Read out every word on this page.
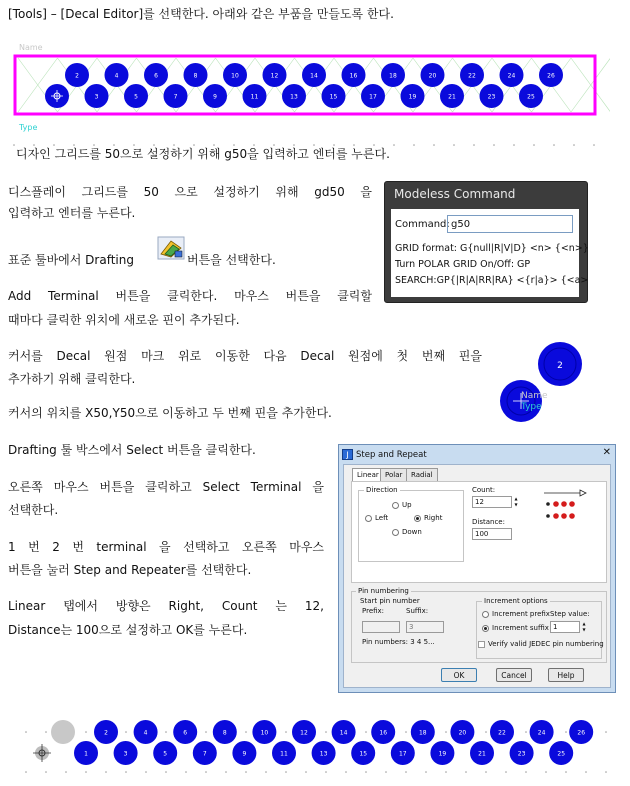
[Tools] – [Decal Editor]를 선택한다. 아래와 같은 부품을 만들도록 한다.

Name
Type
2	4	6	8	10	12	14	16	18	20	22	24	26
3	5	7	9	11	13	15	17	19	21	23	25

디자인 그리드를 50으로 설정하기 위해 g50을 입력하고 엔터를 누른다.

디스플레이 그리드를 50 으로 설정하기 위해 gd50 을

입력하고 엔터를 누른다.

Modeless Command
Command: g50
GRID format: G{null|R|V|D} <n> {<n>}
Turn POLAR GRID On/Off: GP
SEARCH:GP{|R|A|RR|RA} <{r|a}> {<a>

표준 툴바에서 Drafting	버튼을 선택한다.

Add Terminal 버튼을 클릭한다. 마우스 버튼을 클릭할

때마다 클릭한 위치에 새로운 핀이 추가된다.

커서를 Decal 원점 마크 위로 이동한 다음 Decal 원점에 첫 번째 핀을

추가하기 위해 클릭한다.

2
Name
Type

커서의 위치를 X50,Y50으로 이동하고 두 번째 핀을 추가한다.

Drafting 툴 박스에서 Select 버튼을 클릭한다.

오른쪽 마우스 버튼을 클릭하고 Select Terminal 을

선택한다.

1 번 2 번 terminal 을 선택하고 오른쪽 마우스

버튼을 눌러 Step and Repeater를 선택한다.

Linear 탭에서 방향은 Right, Count 는 12,

Distance는 100으로 설정하고 OK를 누른다.

J Step and Repeat	✕
Linear Polar	Radial
Direction
Up
Left	Right
Down
Count:
12	▲
▼
Distance:
100
Pin numbering
Start pin number
Prefix:	Suffix:
3
Pin numbers: 3 4 5...
Increment options
Increment prefix
Increment suffix
Step value:
1	▲
▼
Verify valid JEDEC pin numbering
OK	Cancel	Help
2	4	6	8	10	12	14	16	18	20	22	24	26
1	3	5	7	9	11	13	15	17	19	21	23	25
